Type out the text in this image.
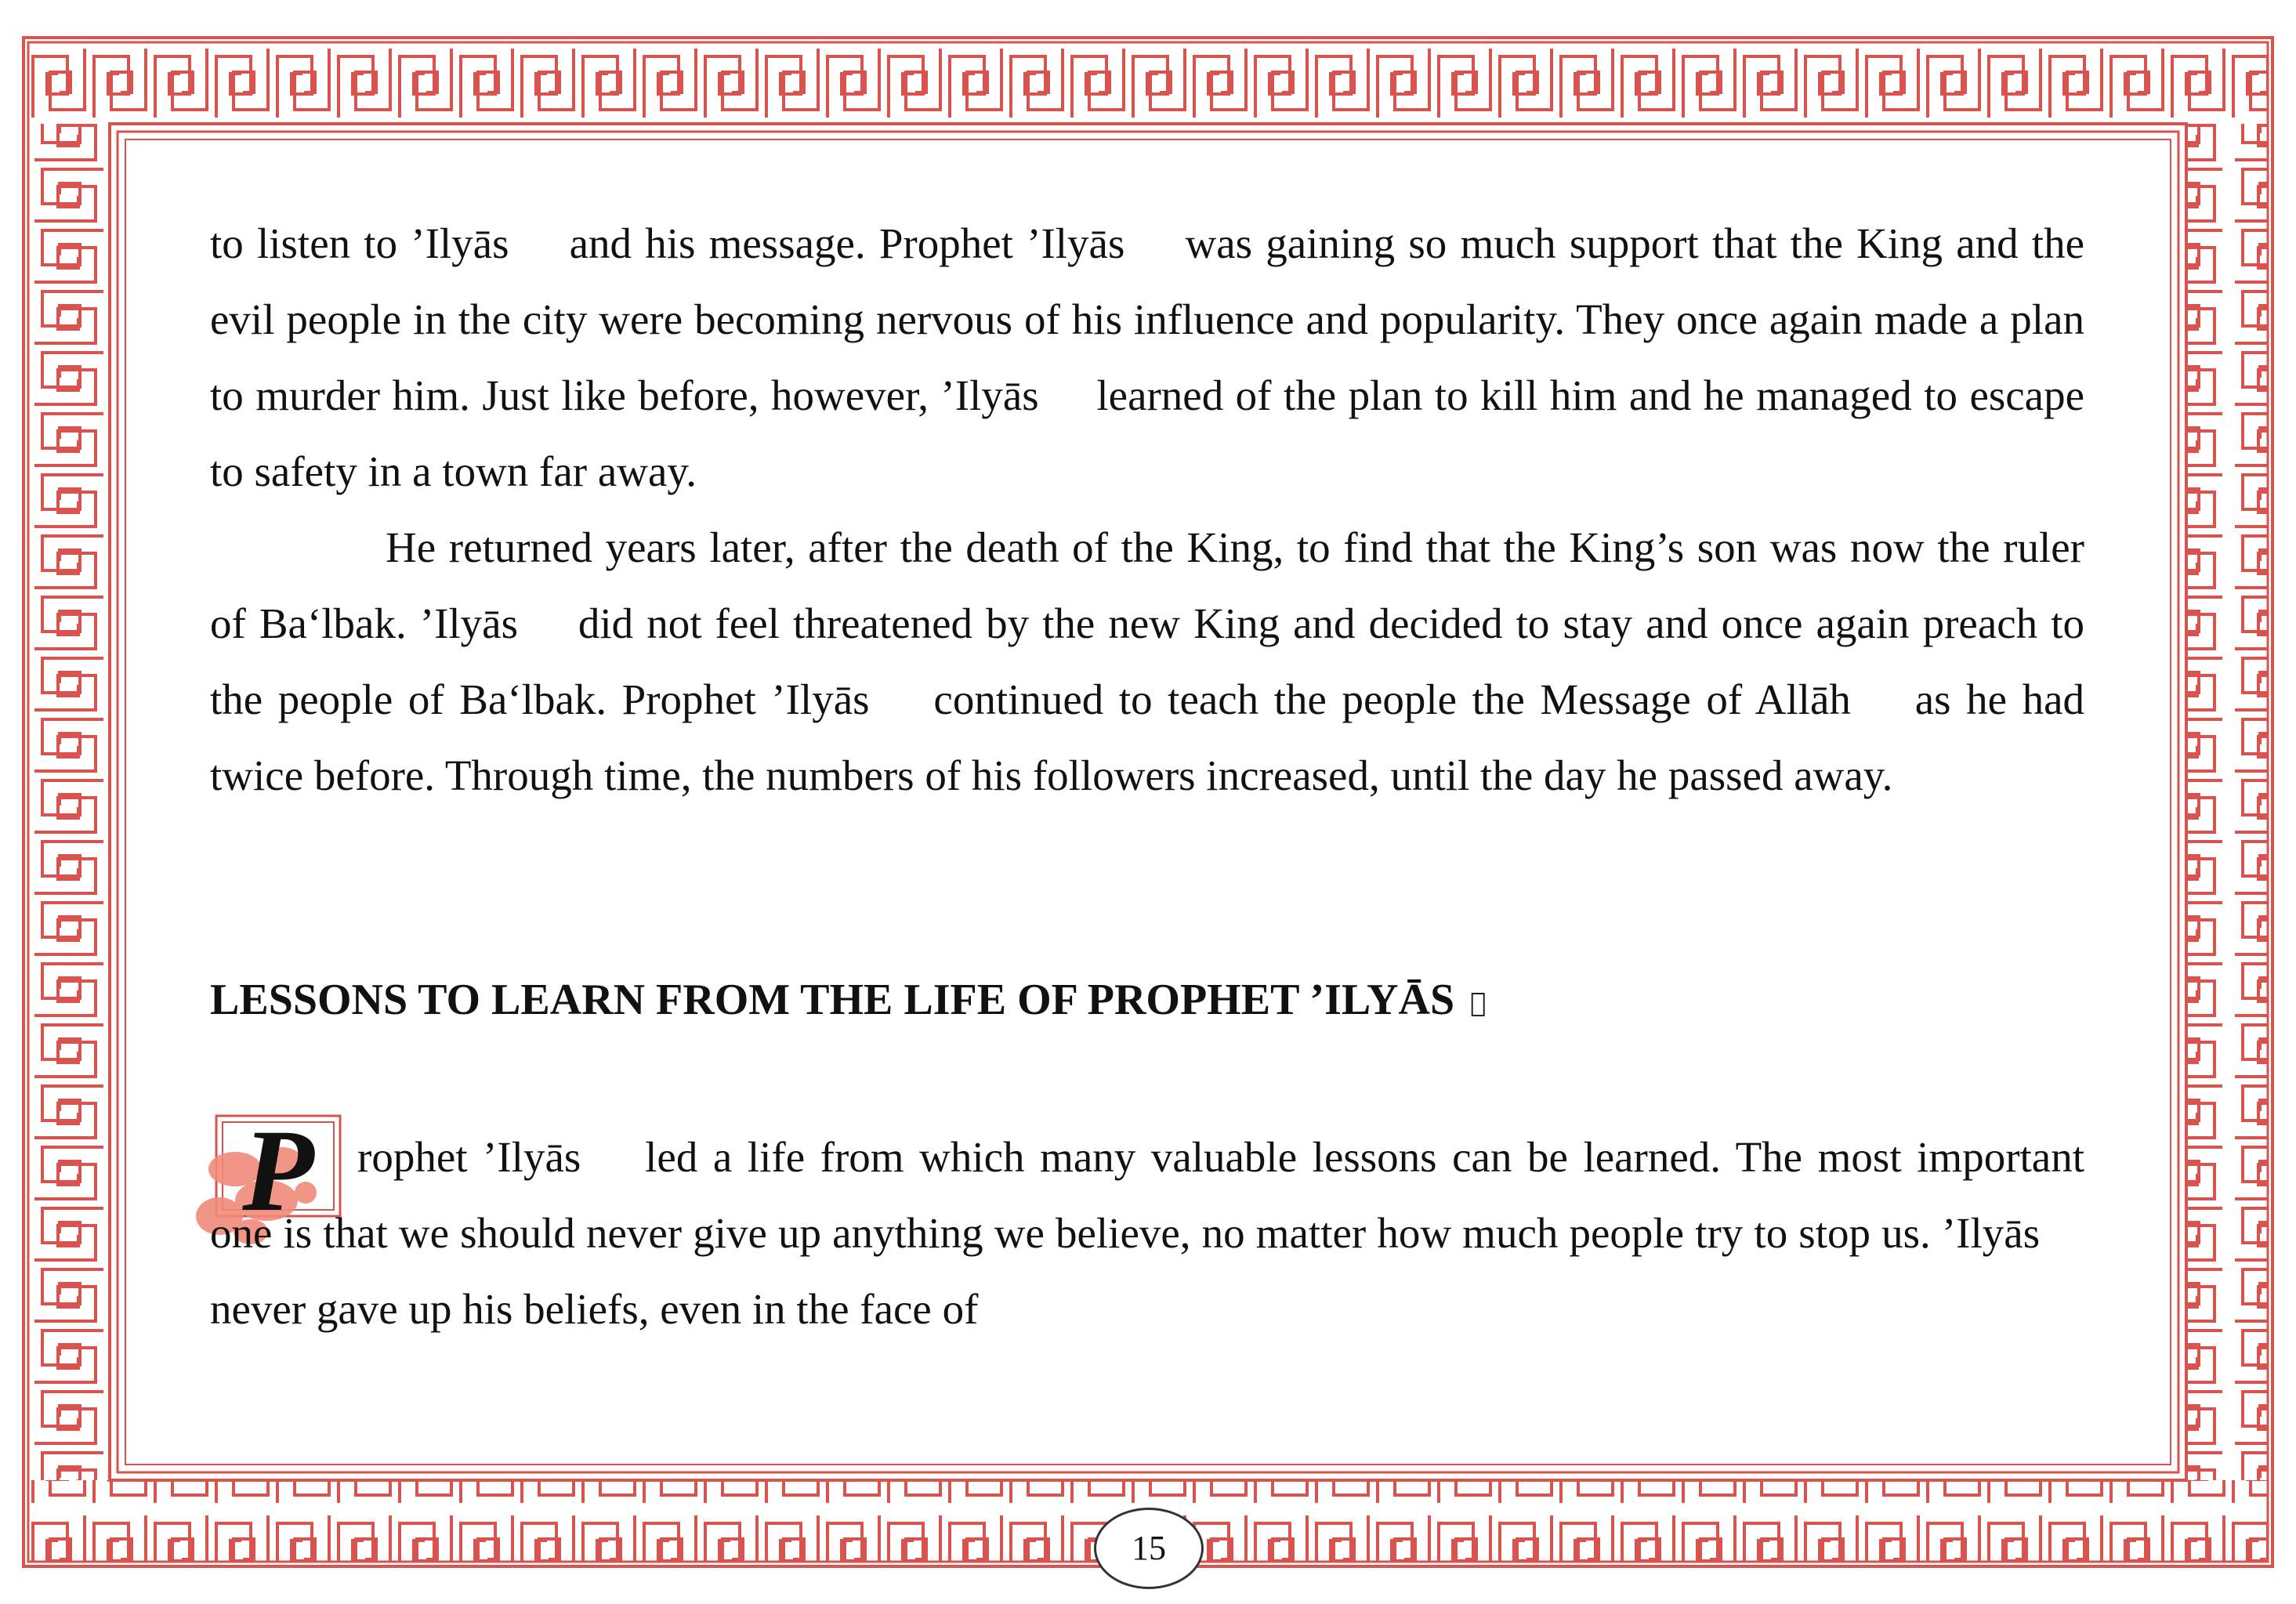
to listen to ’Ilyās ﷢ and his message. Prophet ’Ilyās ﷢ was gaining so much support that the King and the evil people in the city were becoming nervous of his influence and popularity. They once again made a plan to murder him. Just like before, however, ’Ilyās ﷢ learned of the plan to kill him and he managed to escape to safety in a town far away.

He returned years later, after the death of the King, to find that the King’s son was now the ruler of Ba‘lbak. ’Ilyās ﷢ did not feel threatened by the new King and decided to stay and once again preach to the people of Ba‘lbak. Prophet ’Ilyās ﷢ continued to teach the people the Message of Allāh ﷡ as he had twice before. Through time, the numbers of his followers increased, until the day he passed away.

LESSONS TO LEARN FROM THE LIFE OF PROPHET ’ILYĀS ﷢
P	rophet ’Ilyās ﷢ led a life from which many valuable lessons can be learned. The most important one is that we should never give up anything we believe, no matter how much people try to stop us. ’Ilyās ﷢ never gave up his beliefs, even in the face of

15
